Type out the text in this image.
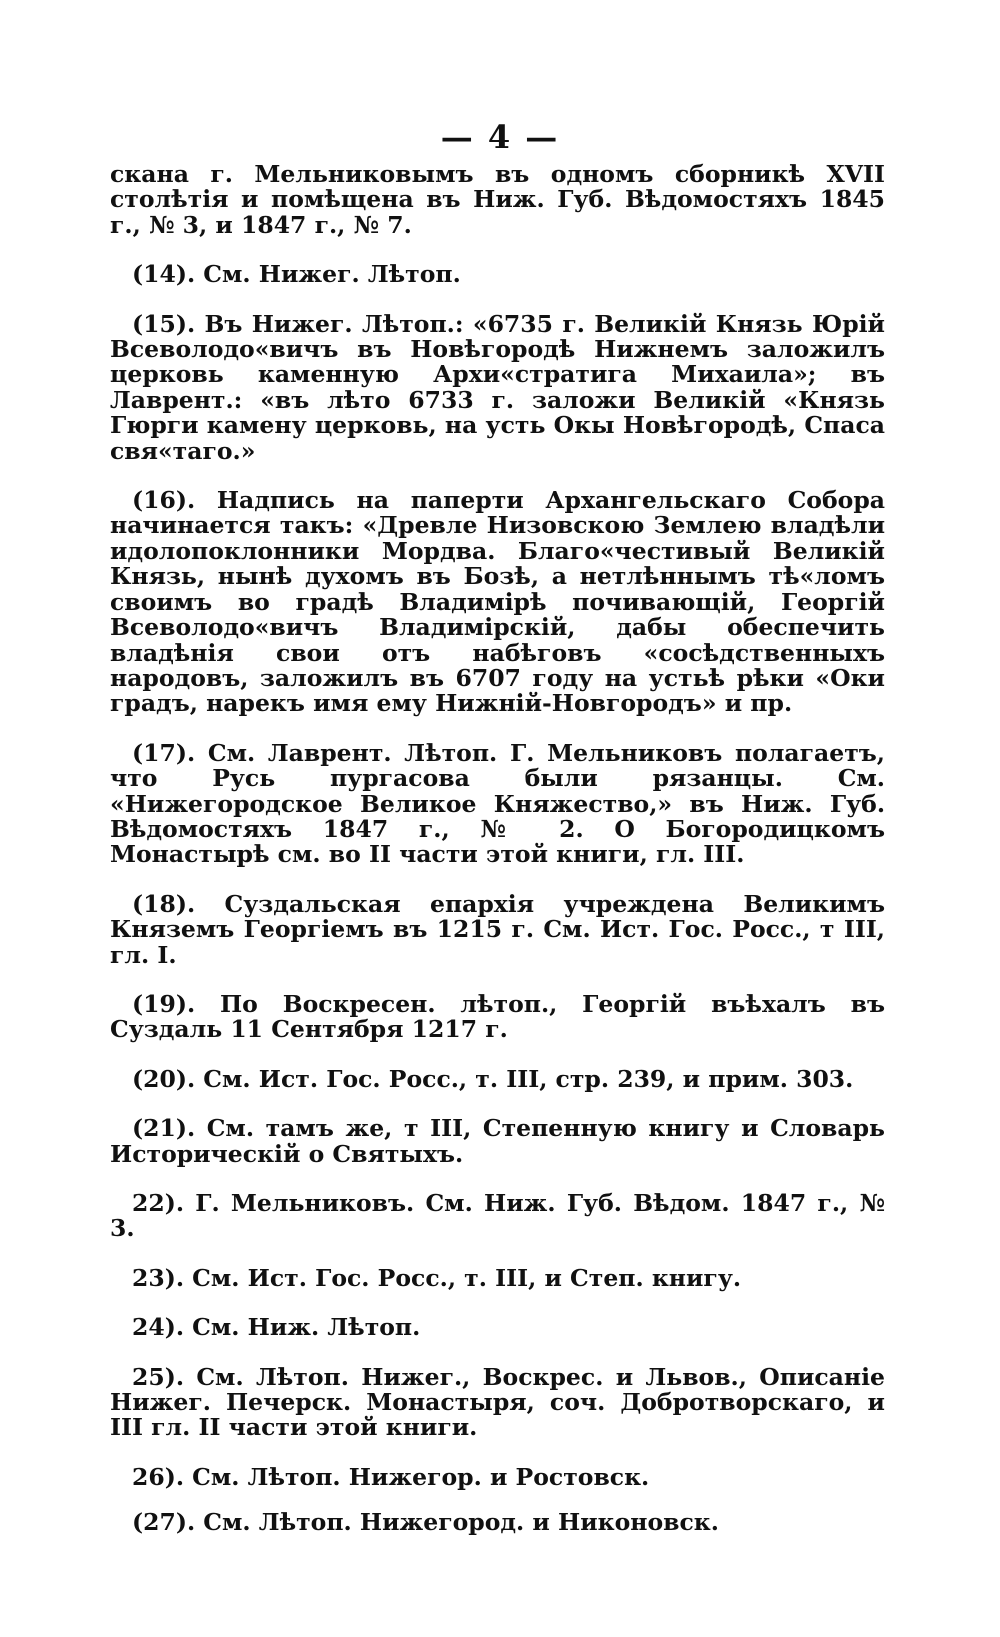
— 4 —

скана г. Мельниковымъ въ одномъ сборникѣ XVII столѣтія и помѣщена въ Ниж. Губ. Вѣдомостяхъ 1845 г., № 3, и 1847 г., № 7.

(14). См. Нижег. Лѣтоп.

(15). Въ Нижег. Лѣтоп.: «6735 г. Великій Князь Юрій Всеволодо«вичъ въ Новѣгородѣ Нижнемъ заложилъ церковь каменную Архи«стратига Михаила»; въ Лаврент.: «въ лѣто 6733 г. заложи Великій «Князь Гюрги камену церковь, на усть Окы Новѣгородѣ, Спаса свя«таго.»

(16). Надпись на паперти Архангельскаго Собора начинается такъ: «Древле Низовскою Землею владѣли идолопоклонники Мордва. Благо«честивый Великій Князь, нынѣ духомъ въ Бозѣ, а нетлѣннымъ тѣ«ломъ своимъ во градѣ Владимірѣ почивающій, Георгій Всеволодо«вичъ Владимірскій, дабы обеспечить владѣнія свои отъ набѣговъ «сосѣдственныхъ народовъ, заложилъ въ 6707 году на устьѣ рѣки «Оки градъ, нарекъ имя ему Нижній-Новгородъ» и пр.

(17). См. Лаврент. Лѣтоп. Г. Мельниковъ полагаетъ, что Русь пургасова были рязанцы. См. «Нижегородское Великое Княжество,» въ Ниж. Губ. Вѣдомостяхъ 1847 г., № 2. О Богородицкомъ Монастырѣ см. во II части этой книги, гл. III.

(18). Суздальская епархія учреждена Великимъ Княземъ Георгіемъ въ 1215 г. См. Ист. Гос. Росс., т III, гл. I.

(19). По Воскресен. лѣтоп., Георгій въѣхалъ въ Суздаль 11 Сентября 1217 г.

(20). См. Ист. Гос. Росс., т. III, стр. 239, и прим. 303.

(21). См. тамъ же, т III, Степенную книгу и Словарь Историческій о Святыхъ.

22). Г. Мельниковъ. См. Ниж. Губ. Вѣдом. 1847 г., № 3.

23). См. Ист. Гос. Росс., т. III, и Степ. книгу.

24). См. Ниж. Лѣтоп.

25). См. Лѣтоп. Нижег., Воскрес. и Львов., Описаніе Нижег. Печерск. Монастыря, соч. Добротворскаго, и III гл. II части этой книги.

26). См. Лѣтоп. Нижегор. и Ростовск.

(27). См. Лѣтоп. Нижегород. и Никоновск.
